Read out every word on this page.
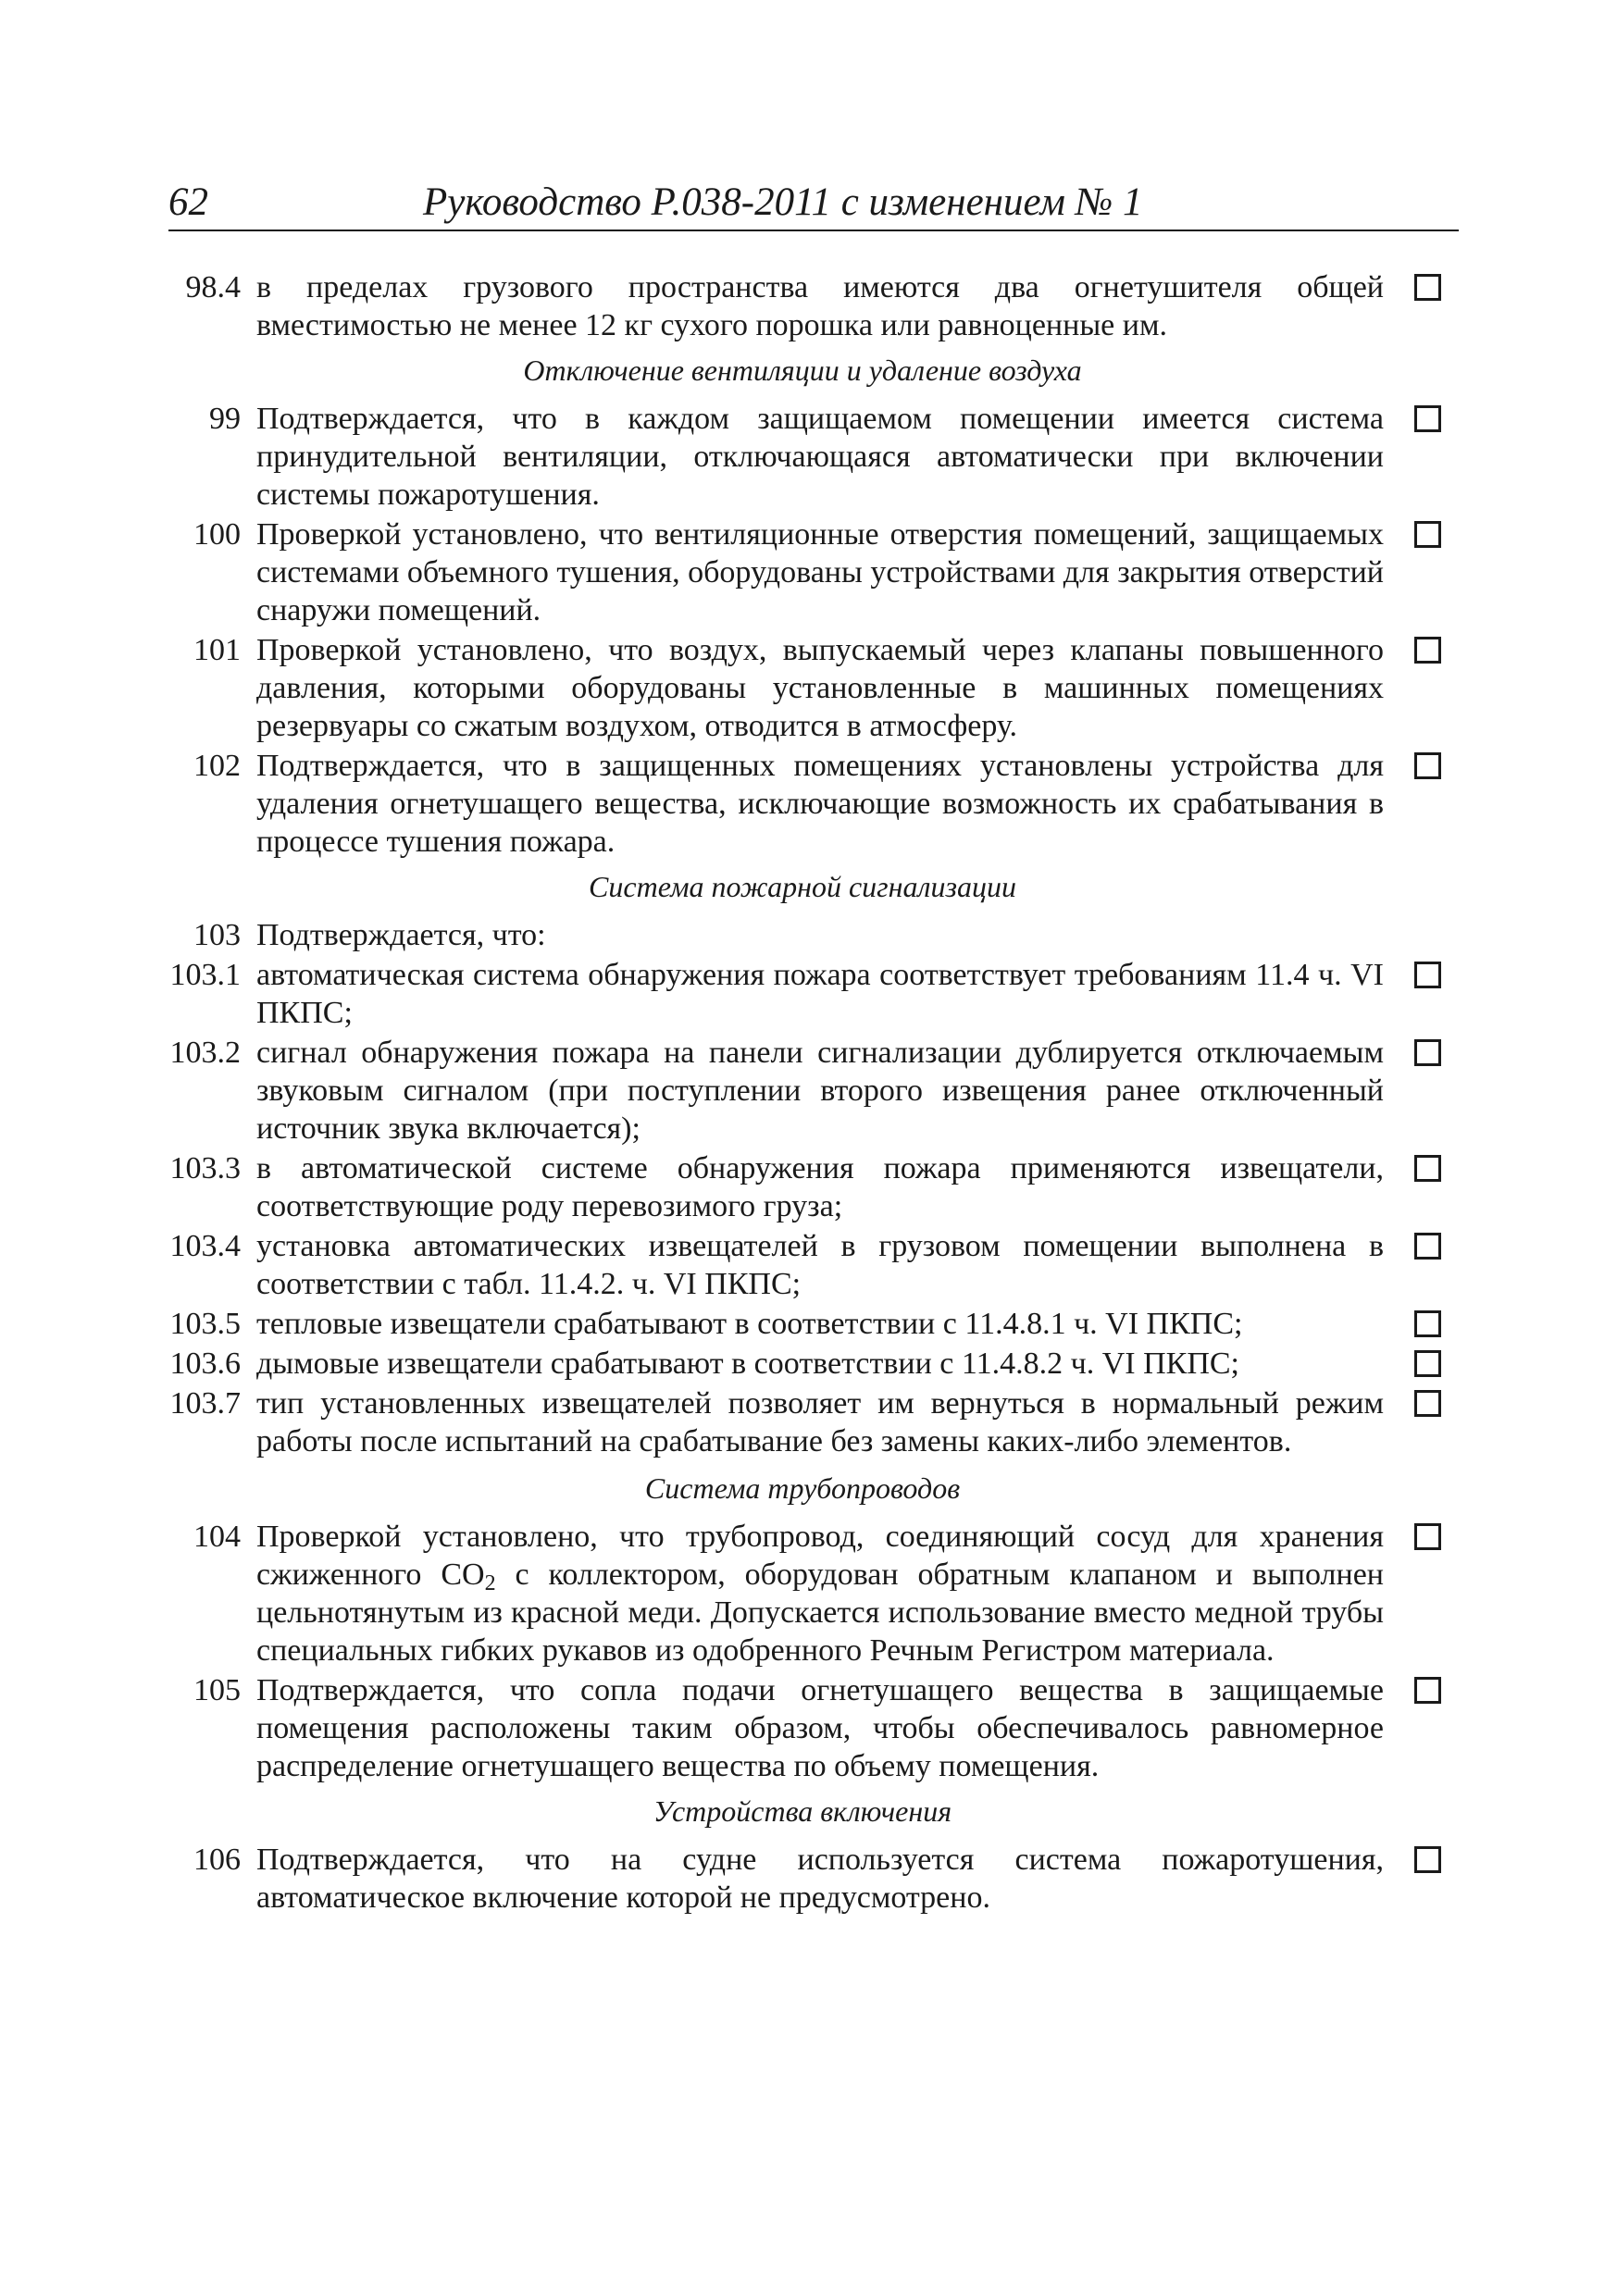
62	Руководство Р.038-2011 с изменением № 1
98.4 в пределах грузового пространства имеются два огнетушителя общей вместимостью не менее 12 кг сухого порошка или равноценные им.
Отключение вентиляции и удаление воздуха
99 Подтверждается, что в каждом защищаемом помещении имеется система принудительной вентиляции, отключающаяся автоматически при включении системы пожаротушения.
100 Проверкой установлено, что вентиляционные отверстия помещений, защищаемых системами объемного тушения, оборудованы устройствами для закрытия отверстий снаружи помещений.
101 Проверкой установлено, что воздух, выпускаемый через клапаны повышенного давления, которыми оборудованы установленные в машинных помещениях резервуары со сжатым воздухом, отводится в атмосферу.
102 Подтверждается, что в защищенных помещениях установлены устройства для удаления огнетушащего вещества, исключающие возможность их срабатывания в процессе тушения пожара.
Система пожарной сигнализации
103 Подтверждается, что:
103.1 автоматическая система обнаружения пожара соответствует требованиям 11.4 ч. VI ПКПС;
103.2 сигнал обнаружения пожара на панели сигнализации дублируется отключаемым звуковым сигналом (при поступлении второго извещения ранее отключенный источник звука включается);
103.3 в автоматической системе обнаружения пожара применяются извещатели, соответствующие роду перевозимого груза;
103.4 установка автоматических извещателей в грузовом помещении выполнена в соответствии с табл. 11.4.2. ч. VI ПКПС;
103.5 тепловые извещатели срабатывают в соответствии с 11.4.8.1 ч. VI ПКПС;
103.6 дымовые извещатели срабатывают в соответствии с 11.4.8.2 ч. VI ПКПС;
103.7 тип установленных извещателей позволяет им вернуться в нормальный режим работы после испытаний на срабатывание без замены каких-либо элементов.
Система трубопроводов
104 Проверкой установлено, что трубопровод, соединяющий сосуд для хранения сжиженного $CO_2$ с коллектором, оборудован обратным клапаном и выполнен цельнотянутым из красной меди. Допускается использование вместо медной трубы специальных гибких рукавов из одобренного Речным Регистром материала.
105 Подтверждается, что сопла подачи огнетушащего вещества в защищаемые помещения расположены таким образом, чтобы обеспечивалось равномерное распределение огнетушащего вещества по объему помещения.
Устройства включения
106 Подтверждается, что на судне используется система пожаротушения, автоматическое включение которой не предусмотрено.
